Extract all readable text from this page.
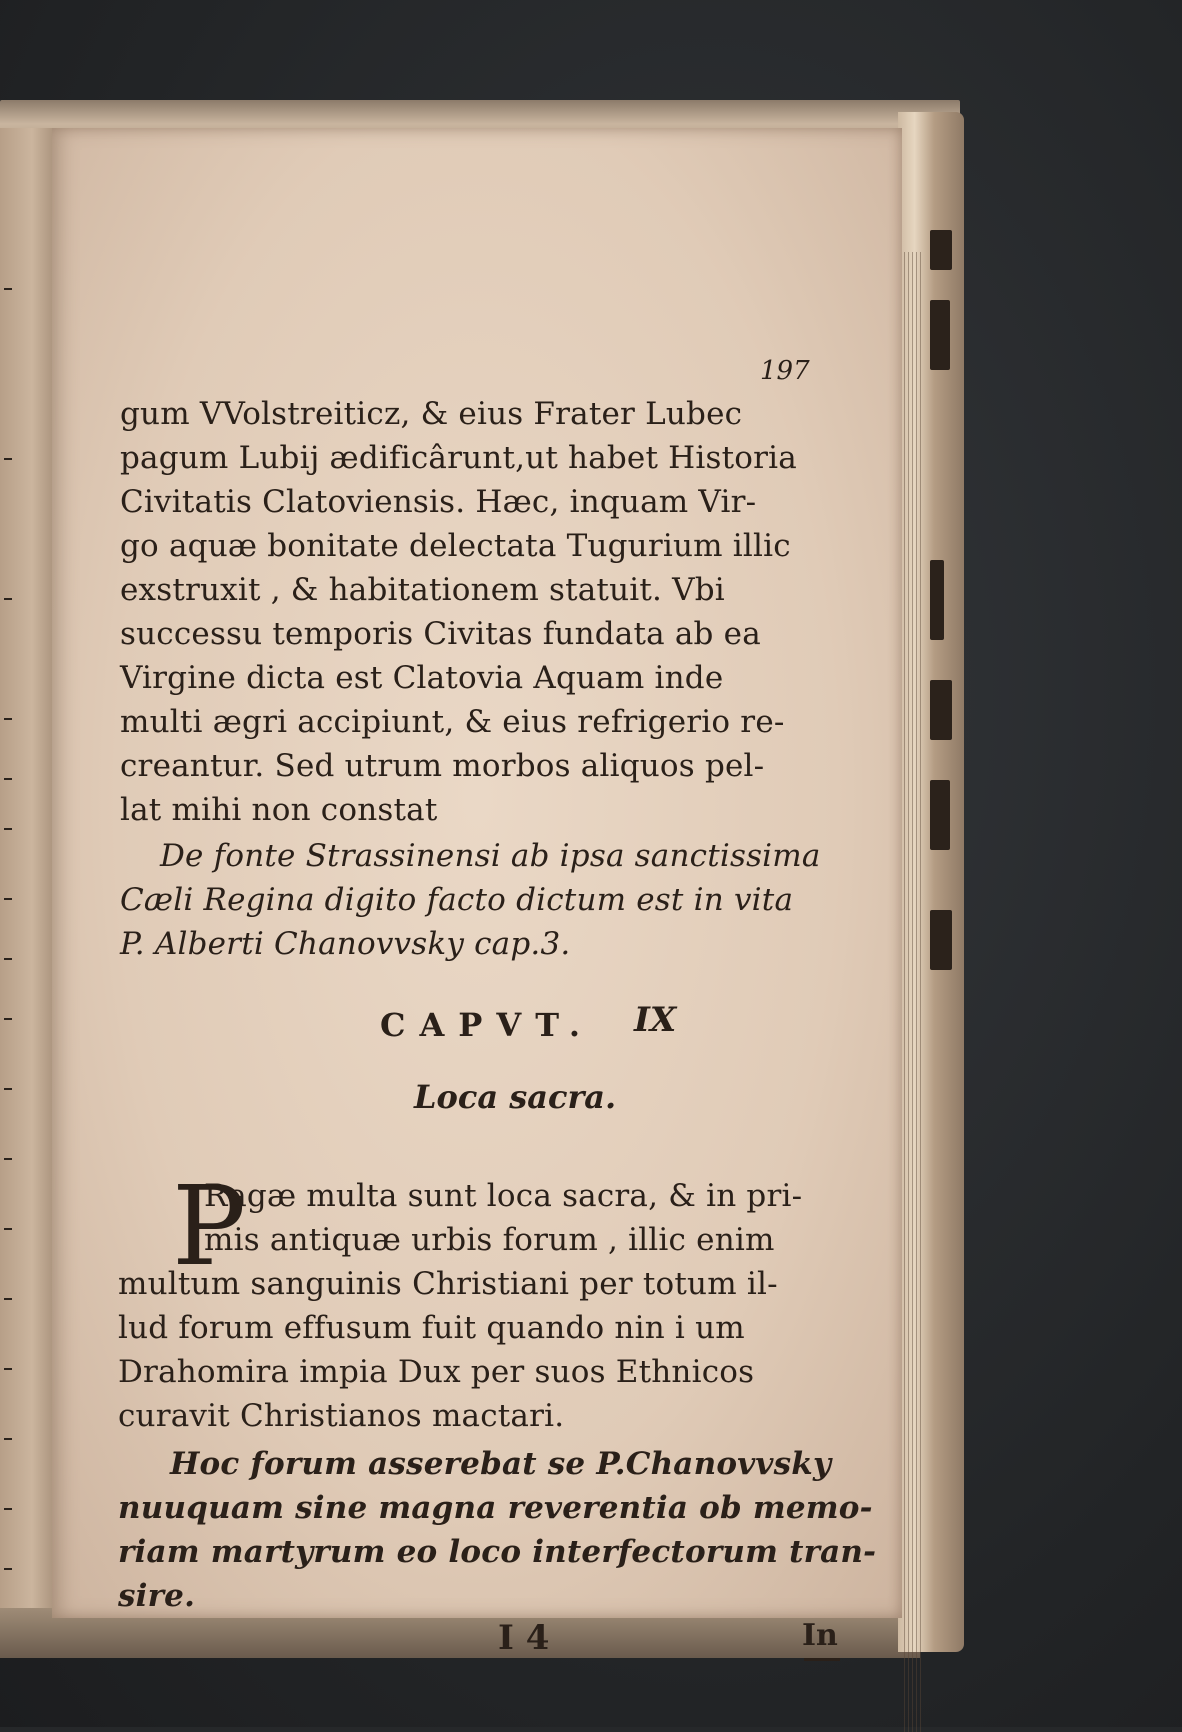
197
gum VVolstreiticz, & eius Frater Lubec
pagum Lubij ædificârunt,ut habet Historia
Civitatis Clatoviensis. Hæc, inquam Vir-
go aquæ bonitate delectata Tugurium illic
exstruxit , & habitationem statuit. Vbi
successu temporis Civitas fundata ab ea
Virgine dicta est Clatovia Aquam inde
multi ægri accipiunt, & eius refrigerio re-
creantur. Sed utrum morbos aliquos pel-
lat mihi non constat
De fonte Strassinensi ab ipsa sanctissima
Cæli Regina digito facto dictum est in vita
P. Alberti Chanovvsky cap.3.
CAPVT. IX
Loca sacra.
P
Ragæ multa sunt loca sacra, & in pri-
mis antiquæ urbis forum , illic enim
multum sanguinis Christiani per totum il-
lud forum effusum fuit quando nin i um
Drahomira impia Dux per suos Ethnicos
curavit Christianos mactari.
Hoc forum asserebat se P.Chanovvsky
nuuquam sine magna reverentia ob memo-
riam martyrum eo loco interfectorum tran-
sire.
I 4	In
